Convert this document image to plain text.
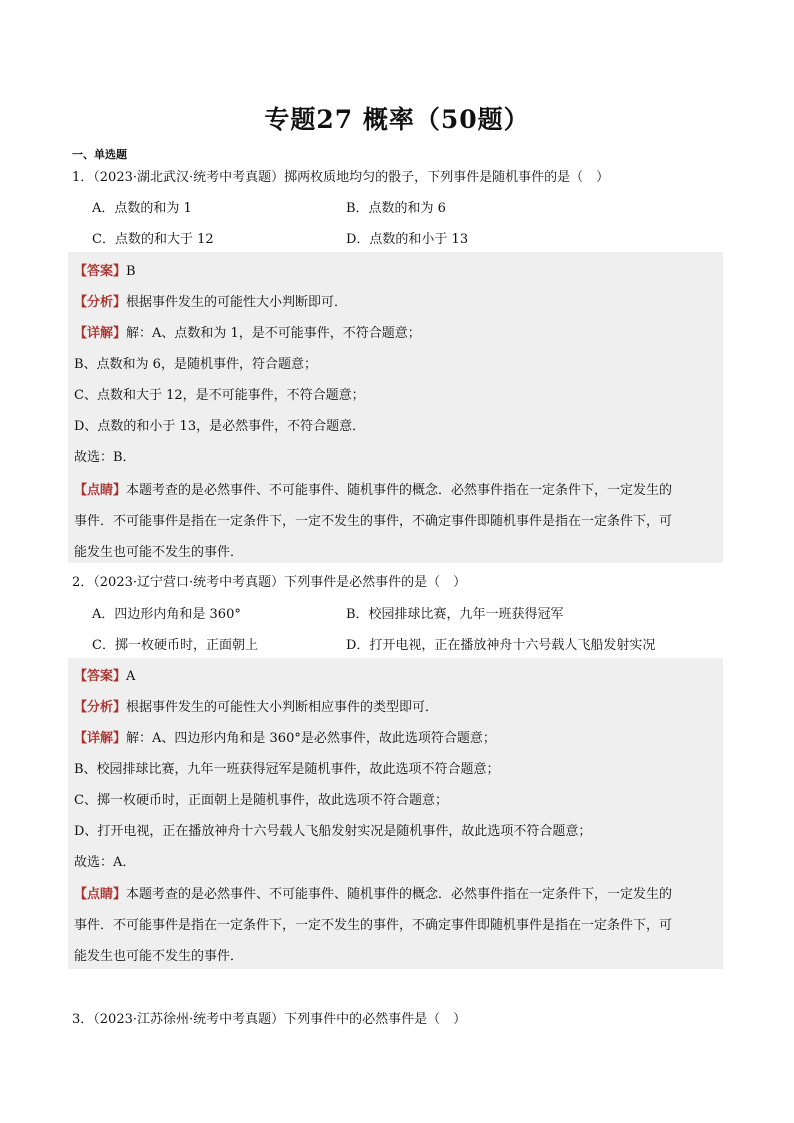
专题27 概率（50题）
一、单选题
1．（2023·湖北武汉·统考中考真题）掷两枚质地均匀的骰子，下列事件是随机事件的是（　）
A．点数的和为 1	B．点数的和为 6
C．点数的和大于 12	D．点数的和小于 13
【答案】B
【分析】根据事件发生的可能性大小判断即可．
【详解】解：A、点数和为 1，是不可能事件，不符合题意；
B、点数和为 6，是随机事件，符合题意；
C、点数和大于 12，是不可能事件，不符合题意；
D、点数的和小于 13，是必然事件，不符合题意．
故选：B．
【点睛】本题考查的是必然事件、不可能事件、随机事件的概念．必然事件指在一定条件下，一定发生的
事件．不可能事件是指在一定条件下，一定不发生的事件，不确定事件即随机事件是指在一定条件下，可
能发生也可能不发生的事件．
2．（2023·辽宁营口·统考中考真题）下列事件是必然事件的是（　）
A．四边形内角和是 360°	B．校园排球比赛，九年一班获得冠军
C．掷一枚硬币时，正面朝上	D．打开电视，正在播放神舟十六号载人飞船发射实况
【答案】A
【分析】根据事件发生的可能性大小判断相应事件的类型即可．
【详解】解：A、四边形内角和是 360°是必然事件，故此选项符合题意；
B、校园排球比赛，九年一班获得冠军是随机事件，故此选项不符合题意；
C、掷一枚硬币时，正面朝上是随机事件，故此选项不符合题意；
D、打开电视，正在播放神舟十六号载人飞船发射实况是随机事件，故此选项不符合题意；
故选：A．
【点睛】本题考查的是必然事件、不可能事件、随机事件的概念．必然事件指在一定条件下，一定发生的
事件．不可能事件是指在一定条件下，一定不发生的事件，不确定事件即随机事件是指在一定条件下，可
能发生也可能不发生的事件．
3．（2023·江苏徐州·统考中考真题）下列事件中的必然事件是（　）
